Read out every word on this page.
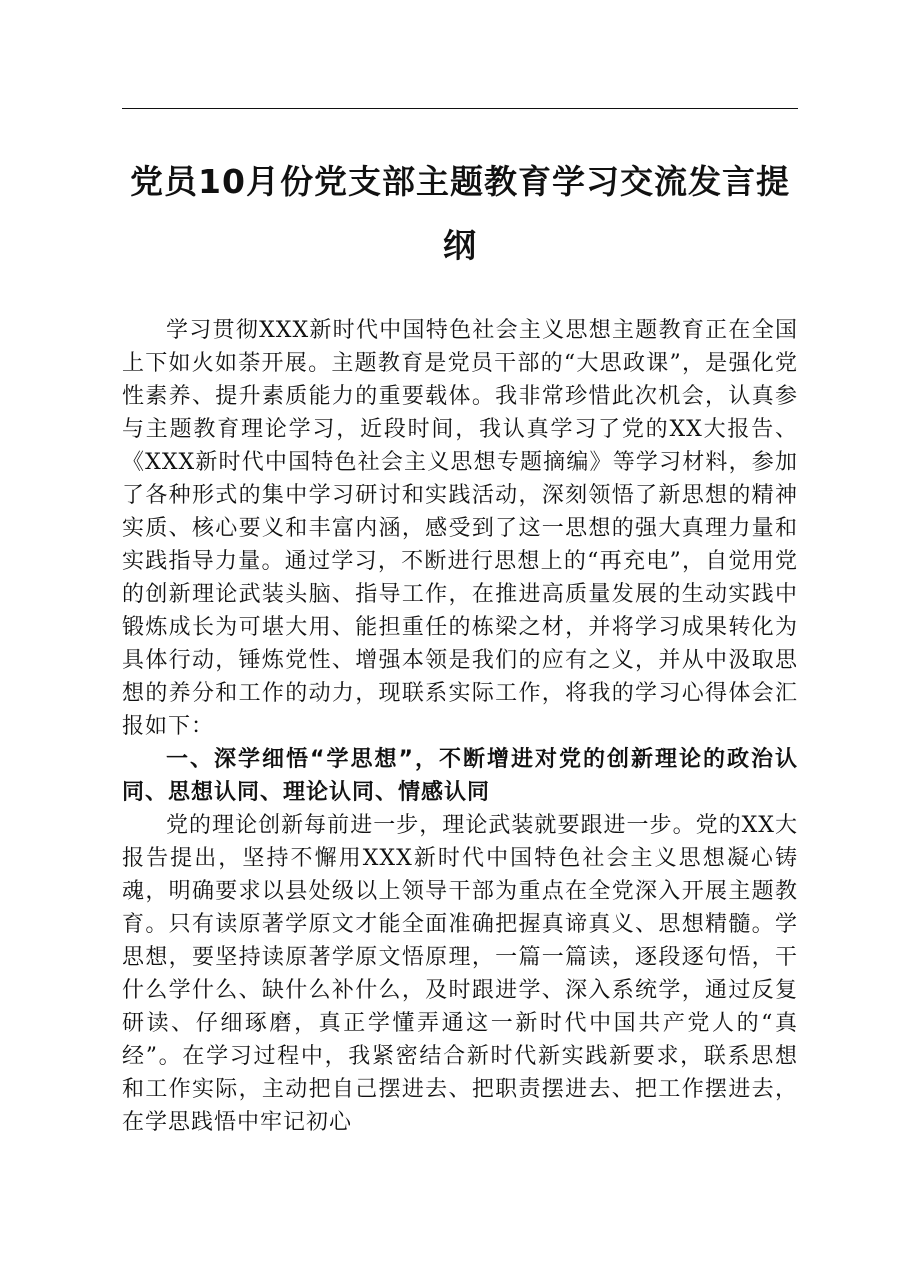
党员10月份党支部主题教育学习交流发言提纲

学习贯彻XXX新时代中国特色社会主义思想主题教育正在全国上下如火如荼开展。主题教育是党员干部的“大思政课”，是强化党性素养、提升素质能力的重要载体。我非常珍惜此次机会，认真参与主题教育理论学习，近段时间，我认真学习了党的XX大报告、《XXX新时代中国特色社会主义思想专题摘编》等学习材料，参加了各种形式的集中学习研讨和实践活动，深刻领悟了新思想的精神实质、核心要义和丰富内涵，感受到了这一思想的强大真理力量和实践指导力量。通过学习，不断进行思想上的“再充电”，自觉用党的创新理论武装头脑、指导工作，在推进高质量发展的生动实践中锻炼成长为可堪大用、能担重任的栋梁之材，并将学习成果转化为具体行动，锤炼党性、增强本领是我们的应有之义，并从中汲取思想的养分和工作的动力，现联系实际工作，将我的学习心得体会汇报如下：

一、深学细悟“学思想”，不断增进对党的创新理论的政治认同、思想认同、理论认同、情感认同

党的理论创新每前进一步，理论武装就要跟进一步。党的XX大报告提出，坚持不懈用XXX新时代中国特色社会主义思想凝心铸魂，明确要求以县处级以上领导干部为重点在全党深入开展主题教育。只有读原著学原文才能全面准确把握真谛真义、思想精髓。学思想，要坚持读原著学原文悟原理，一篇一篇读，逐段逐句悟，干什么学什么、缺什么补什么，及时跟进学、深入系统学，通过反复研读、仔细琢磨，真正学懂弄通这一新时代中国共产党人的“真经”。在学习过程中，我紧密结合新时代新实践新要求，联系思想和工作实际，主动把自己摆进去、把职责摆进去、把工作摆进去，在学思践悟中牢记初心
